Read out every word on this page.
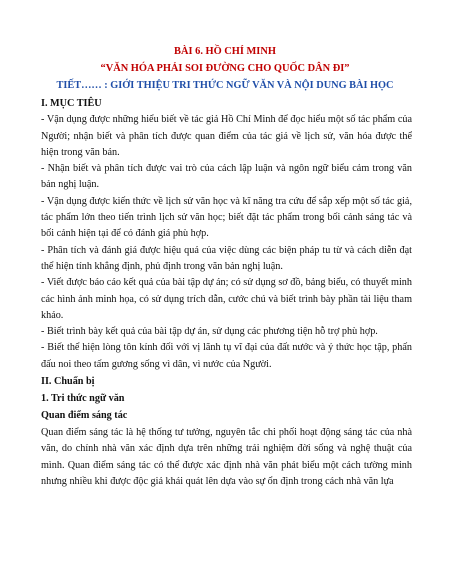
BÀI 6. HỒ CHÍ MINH
“VĂN HÓA PHẢI SOI ĐƯỜNG CHO QUỐC DÂN ĐI”
TIẾT…… : GIỚI THIỆU TRI THỨC NGỮ VĂN VÀ NỘI DUNG BÀI HỌC

I. MỤC TIÊU

- Vận dụng được những hiểu biết về tác giả Hồ Chí Minh để đọc hiểu một số tác phẩm của Người; nhận biết và phân tích được quan điểm của tác giả về lịch sử, văn hóa được thể hiện trong văn bản.

- Nhận biết và phân tích được vai trò của cách lập luận và ngôn ngữ biểu cảm trong văn bản nghị luận.

- Vận dụng được kiến thức về lịch sử văn học và kĩ năng tra cứu để sắp xếp một số tác giả, tác phẩm lớn theo tiến trình lịch sử văn học; biết đặt tác phẩm trong bối cảnh sáng tác và bối cảnh hiện tại để có đánh giá phù hợp.

- Phân tích và đánh giá được hiệu quả của việc dùng các biện pháp tu từ và cách diễn đạt thể hiện tính khẳng định, phủ định trong văn bản nghị luận.

- Viết được báo cáo kết quả của bài tập dự án; có sử dụng sơ đồ, bảng biểu, có thuyết minh các hình ảnh minh họa, có sử dụng trích dẫn, cước chú và biết trình bày phần tài liệu tham khảo.

- Biết trình bày kết quả của bài tập dự án, sử dụng các phương tiện hỗ trợ phù hợp.

- Biết thể hiện lòng tôn kính đối với vị lãnh tụ vĩ đại của đất nước và ý thức học tập, phấn đấu noi theo tấm gương sống vì dân, vì nước của Người.

II. Chuẩn bị

1. Tri thức ngữ văn

Quan điểm sáng tác

Quan điểm sáng tác là hệ thống tư tưởng, nguyên tắc chi phối hoạt động sáng tác của nhà văn, do chính nhà văn xác định dựa trên những trải nghiệm đời sống và nghệ thuật của mình. Quan điểm sáng tác có thể được xác định nhà văn phát biểu một cách tường minh nhưng nhiều khi được độc giả khái quát lên dựa vào sự ổn định trong cách nhà văn lựa
